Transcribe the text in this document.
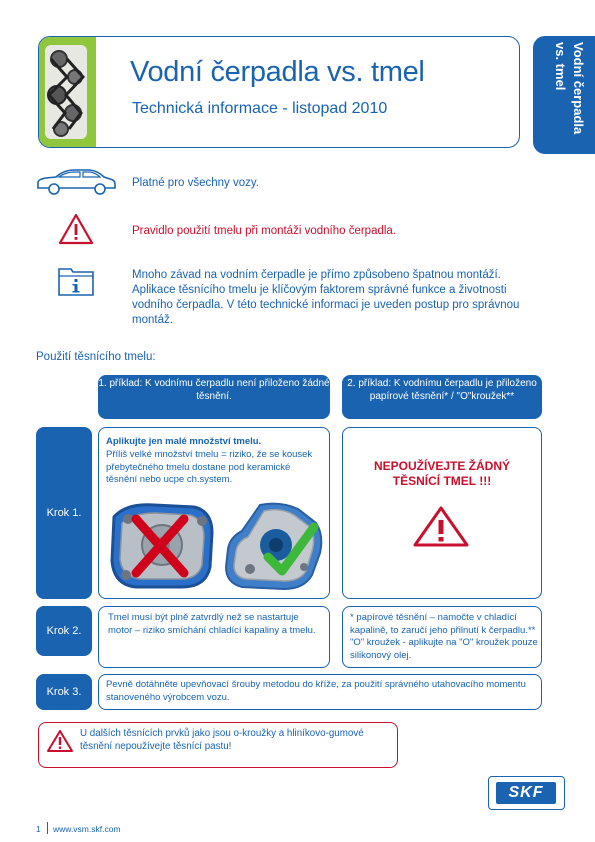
Vodní čerpadla vs. tmel
Technická informace - listopad 2010	Vodní čerpadla vs. tmel
Platné pro všechny vozy.
Pravidlo použití tmelu při montáži vodního čerpadla.
Mnoho závad na vodním čerpadle je přímo způsobeno špatnou montáží. Aplikace těsnícího tmelu je klíčovým faktorem správné funkce a životnosti vodního čerpadla. V této technické informaci je uveden postup pro správnou montáž.
Použití těsnícího tmelu:
1. příklad: K vodnímu čerpadlu není přiloženo žádné těsnění.
2. příklad: K vodnímu čerpadlu je přiloženo papírové těsnění* / "O"kroužek**
Krok 1.
Krok 2.
Krok 3.
Aplikujte jen malé množství tmelu.
Příliš velké množství tmelu = riziko, že se kousek přebytečného tmelu dostane pod keramické těsnění nebo ucpe ch.system.
NEPOUŽÍVEJTE ŽÁDNÝ TĚSNÍCÍ TMEL !!!
Tmel musí být plně zatvrdlý než se nastartuje motor – riziko smíchání chladící kapaliny a tmelu.
* papírové těsnění – namočte v chladící kapalině, to zaručí jeho přilnutí k čerpadlu.** "O" kroužek - aplikujte na "O" kroužek pouze silikonový olej.
Pevně dotáhněte upevňovací šrouby metodou do kříže, za použití správného utahovacího momentu stanoveného výrobcem vozu.
U dalších těsnících prvků jako jsou o-kroužky a hliníkovo-gumové těsnění nepoužívejte těsnící pastu!
SKF
1 www.vsm.skf.com
